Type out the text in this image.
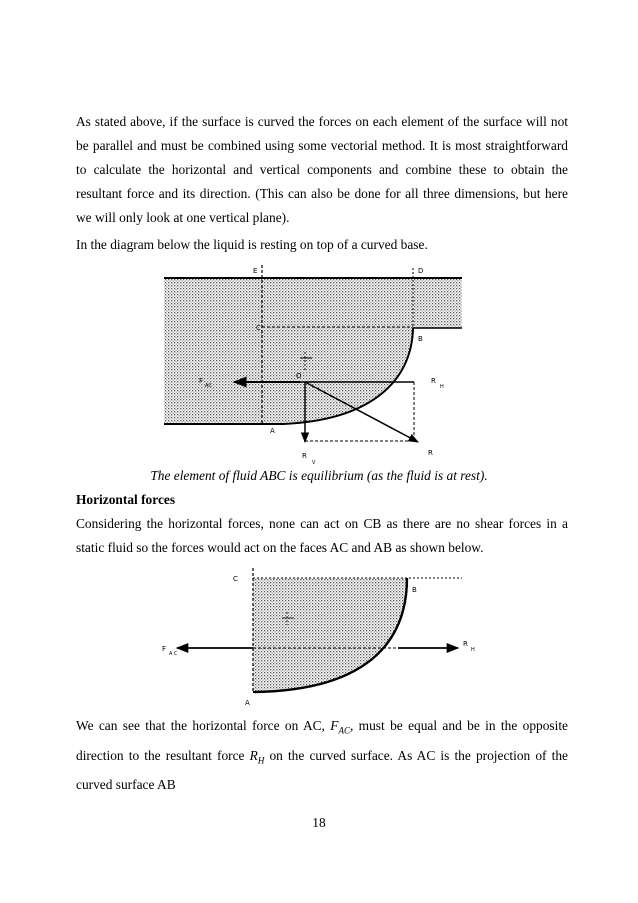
As stated above, if the surface is curved the forces on each element of the surface will not be parallel and must be combined using some vectorial method. It is most straightforward to calculate the horizontal and vertical components and combine these to obtain the resultant force and its direction. (This can also be done for all three dimensions, but here we will only look at one vertical plane).

In the diagram below the liquid is resting on top of a curved base.

E	D
C
B
O
A
R
F
AC
R
H
R
V
C
B
A
F
A C
R
H
The element of fluid ABC is equilibrium (as the fluid is at rest).
Horizontal forces

Considering the horizontal forces, none can act on CB as there are no shear forces in a static fluid so the forces would act on the faces AC and AB as shown below.

We can see that the horizontal force on AC, $F_{AC}$, must be equal and be in the opposite direction to the resultant force $R_H$ on the curved surface. As AC is the projection of the curved surface AB

18
